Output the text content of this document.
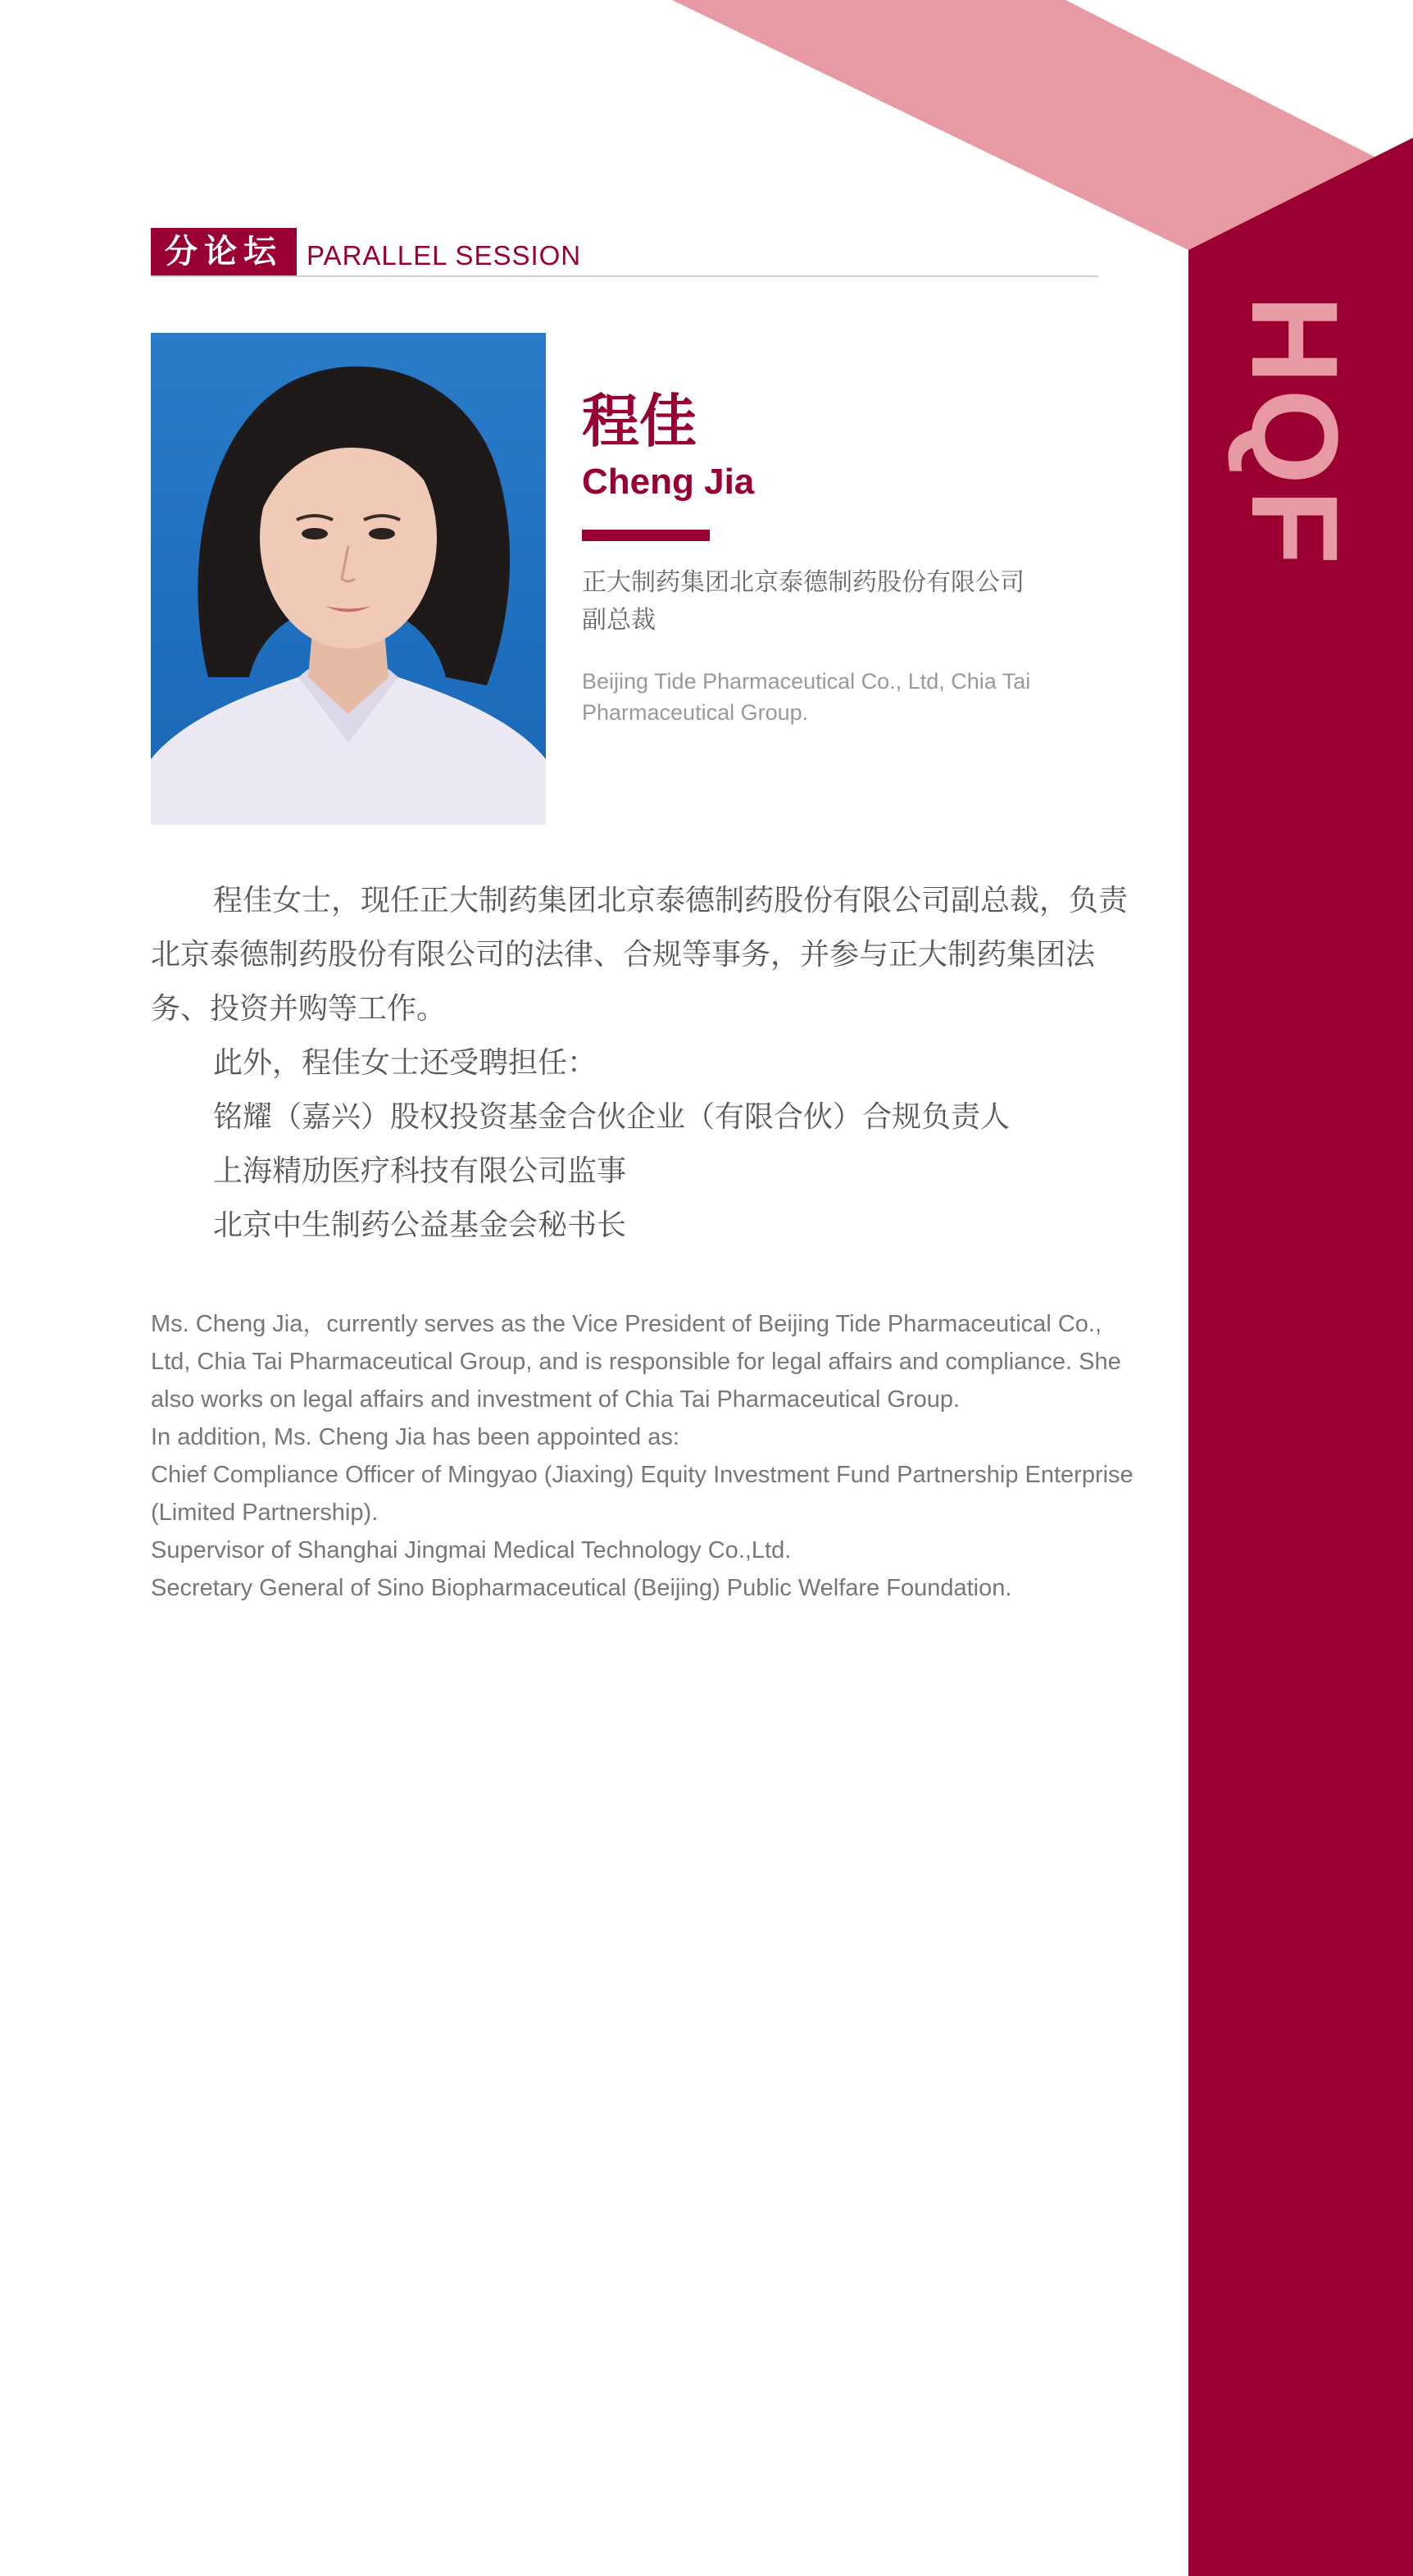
HQF
分论坛 PARALLEL SESSION
程佳
Cheng Jia
正大制药集团北京泰德制药股份有限公司
副总裁
Beijing Tide Pharmaceutical Co., Ltd, Chia Tai Pharmaceutical Group.

程佳女士，现任正大制药集团北京泰德制药股份有限公司副总裁，负责北京泰德制药股份有限公司的法律、合规等事务，并参与正大制药集团法务、投资并购等工作。

此外，程佳女士还受聘担任：

铭耀（嘉兴）股权投资基金合伙企业（有限合伙）合规负责人

上海精劢医疗科技有限公司监事

北京中生制药公益基金会秘书长

Ms. Cheng Jia，currently serves as the Vice President of Beijing Tide Pharmaceutical Co., Ltd, Chia Tai Pharmaceutical Group, and is responsible for legal affairs and compliance. She also works on legal affairs and investment of Chia Tai Pharmaceutical Group.

In addition, Ms. Cheng Jia has been appointed as:

Chief Compliance Officer of Mingyao (Jiaxing) Equity Investment Fund Partnership Enterprise (Limited Partnership).

Supervisor of Shanghai Jingmai Medical Technology Co.,Ltd.

Secretary General of Sino Biopharmaceutical (Beijing) Public Welfare Foundation.
